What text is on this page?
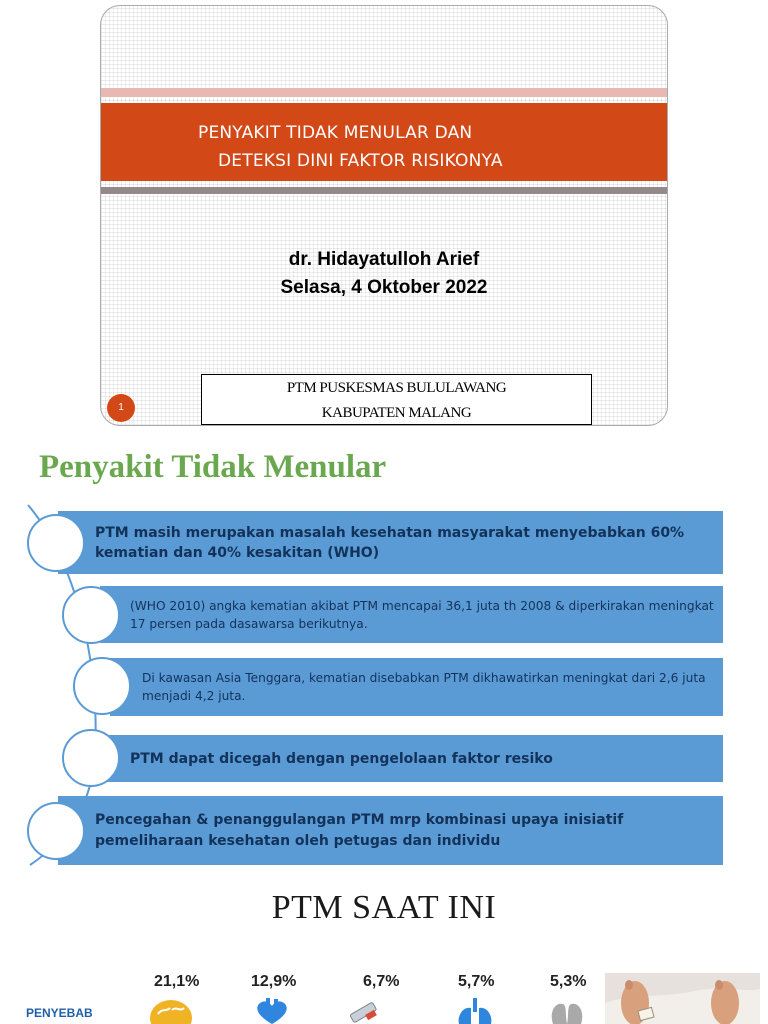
PENYAKIT TIDAK MENULAR DAN
DETEKSI DINI FAKTOR RISIKONYA
dr. Hidayatulloh Arief
Selasa, 4 Oktober 2022
PTM PUSKESMAS BULULAWANG
KABUPATEN MALANG
1
Penyakit Tidak Menular
PTM masih merupakan masalah kesehatan masyarakat menyebabkan 60% kematian dan 40% kesakitan (WHO)
(WHO 2010) angka kematian akibat PTM mencapai 36,1 juta th 2008 & diperkirakan meningkat 17 persen pada dasawarsa berikutnya.
Di kawasan Asia Tenggara, kematian disebabkan PTM dikhawatirkan meningkat dari 2,6 juta menjadi 4,2 juta.
PTM dapat dicegah dengan pengelolaan faktor resiko
Pencegahan & penanggulangan PTM mrp kombinasi upaya inisiatif pemeliharaan kesehatan oleh petugas dan individu
PTM SAAT INI
PENYEBAB
21,1%	12,9%	6,7%	5,7%	5,3%
